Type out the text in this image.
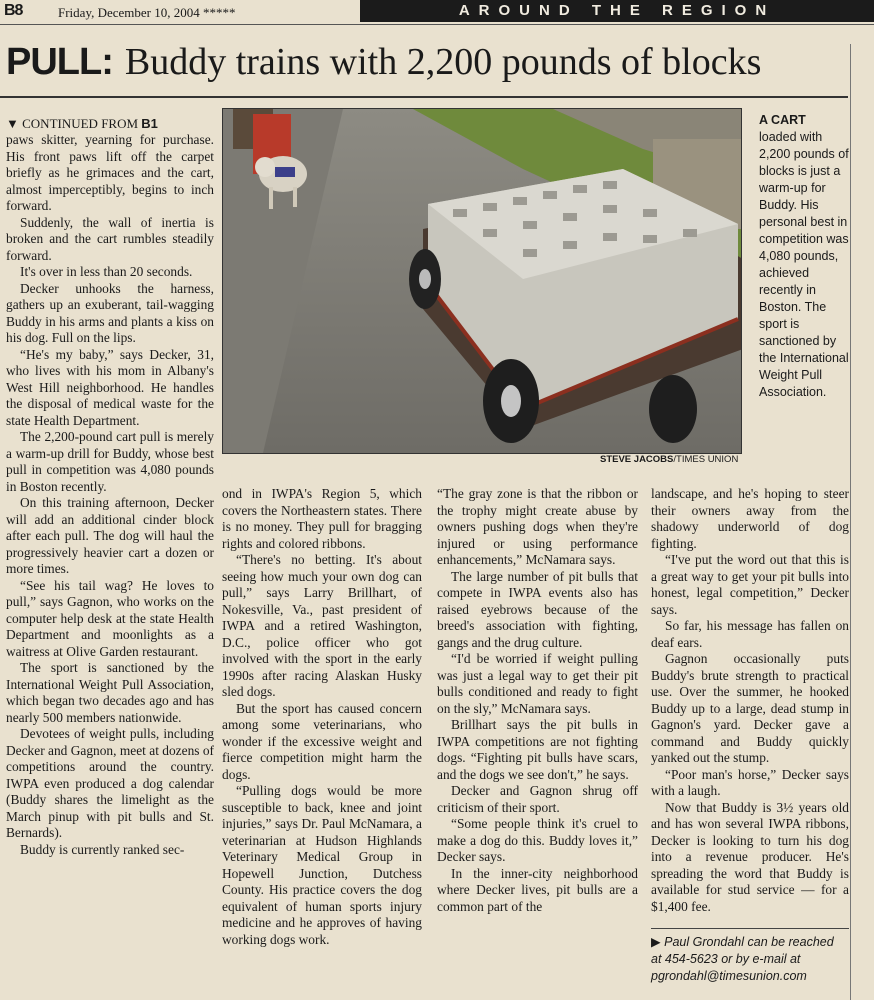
B8	Friday, December 10, 2004 *****	AROUND THE REGION
PULL: Buddy trains with 2,200 pounds of blocks
▼ CONTINUED FROM B1

paws skitter, yearning for purchase. His front paws lift off the carpet briefly as he grimaces and the cart, almost imperceptibly, begins to inch forward.

Suddenly, the wall of inertia is broken and the cart rumbles steadily forward.

It's over in less than 20 seconds.

Decker unhooks the harness, gathers up an exuberant, tail-wagging Buddy in his arms and plants a kiss on his dog. Full on the lips.

“He's my baby,” says Decker, 31, who lives with his mom in Albany's West Hill neighborhood. He handles the disposal of medical waste for the state Health Department.

The 2,200-pound cart pull is merely a warm-up drill for Buddy, whose best pull in competition was 4,080 pounds in Boston recently.

On this training afternoon, Decker will add an additional cinder block after each pull. The dog will haul the progressively heavier cart a dozen or more times.

“See his tail wag? He loves to pull,” says Gagnon, who works on the computer help desk at the state Health Department and moonlights as a waitress at Olive Garden restaurant.

The sport is sanctioned by the International Weight Pull Association, which began two decades ago and has nearly 500 members nationwide.

Devotees of weight pulls, including Decker and Gagnon, meet at dozens of competitions around the country. IWPA even produced a dog calendar (Buddy shares the limelight as the March pinup with pit bulls and St. Bernards).

Buddy is currently ranked sec-

ond in IWPA's Region 5, which covers the Northeastern states. There is no money. They pull for bragging rights and colored ribbons.

“There's no betting. It's about seeing how much your own dog can pull,” says Larry Brillhart, of Nokesville, Va., past president of IWPA and a retired Washington, D.C., police officer who got involved with the sport in the early 1990s after racing Alaskan Husky sled dogs.

But the sport has caused concern among some veterinarians, who wonder if the excessive weight and fierce competition might harm the dogs.

“Pulling dogs would be more susceptible to back, knee and joint injuries,” says Dr. Paul McNamara, a veterinarian at Hudson Highlands Veterinary Medical Group in Hopewell Junction, Dutchess County. His practice covers the dog equivalent of human sports injury medicine and he approves of having working dogs work.

“The gray zone is that the ribbon or the trophy might create abuse by owners pushing dogs when they're injured or using performance enhancements,” McNamara says.

The large number of pit bulls that compete in IWPA events also has raised eyebrows because of the breed's association with fighting, gangs and the drug culture.

“I'd be worried if weight pulling was just a legal way to get their pit bulls conditioned and ready to fight on the sly,” McNamara says.

Brillhart says the pit bulls in IWPA competitions are not fighting dogs. “Fighting pit bulls have scars, and the dogs we see don't,” he says.

Decker and Gagnon shrug off criticism of their sport.

“Some people think it's cruel to make a dog do this. Buddy loves it,” Decker says.

In the inner-city neighborhood where Decker lives, pit bulls are a common part of the

landscape, and he's hoping to steer their owners away from the shadowy underworld of dog fighting.

“I've put the word out that this is a great way to get your pit bulls into honest, legal competition,” Decker says.

So far, his message has fallen on deaf ears.

Gagnon occasionally puts Buddy's brute strength to practical use. Over the summer, he hooked Buddy up to a large, dead stump in Gagnon's yard. Decker gave a command and Buddy quickly yanked out the stump.

“Poor man's horse,” Decker says with a laugh.

Now that Buddy is 3½ years old and has won several IWPA ribbons, Decker is looking to turn his dog into a revenue producer. He's spreading the word that Buddy is available for stud service — for a $1,400 fee.

STEVE JACOBS/TIMES UNION
A CART
loaded with 2,200 pounds of blocks is just a warm-up for Buddy. His personal best in competition was 4,080 pounds, achieved recently in Boston. The sport is sanctioned by the International Weight Pull Association.
▶ Paul Grondahl can be reached
at 454-5623 or by e-mail at
pgrondahl@timesunion.com
